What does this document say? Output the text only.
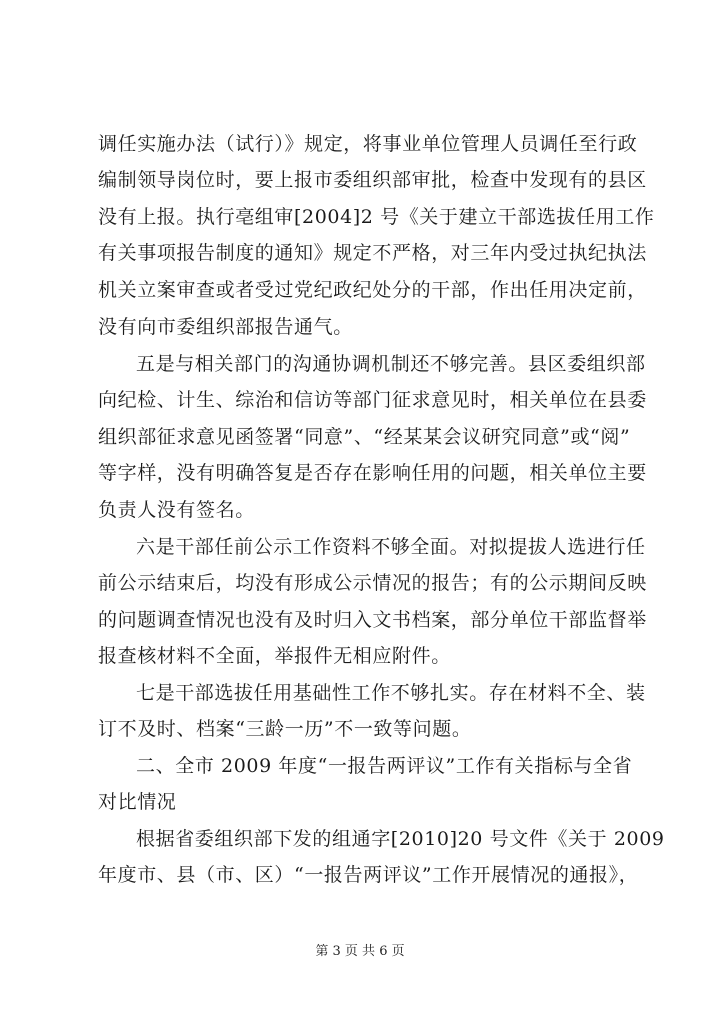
调任实施办法（试行）》规定，将事业单位管理人员调任至行政
编制领导岗位时，要上报市委组织部审批，检查中发现有的县区
没有上报。执行亳组审[2004]2 号《关于建立干部选拔任用工作
有关事项报告制度的通知》规定不严格，对三年内受过执纪执法
机关立案审查或者受过党纪政纪处分的干部，作出任用决定前，
没有向市委组织部报告通气。
五是与相关部门的沟通协调机制还不够完善。县区委组织部
向纪检、计生、综治和信访等部门征求意见时，相关单位在县委
组织部征求意见函签署“同意”、“经某某会议研究同意”或“阅”
等字样，没有明确答复是否存在影响任用的问题，相关单位主要
负责人没有签名。
六是干部任前公示工作资料不够全面。对拟提拔人选进行任
前公示结束后，均没有形成公示情况的报告；有的公示期间反映
的问题调查情况也没有及时归入文书档案，部分单位干部监督举
报查核材料不全面，举报件无相应附件。
七是干部选拔任用基础性工作不够扎实。存在材料不全、装
订不及时、档案“三龄一历”不一致等问题。
二、全市 2009 年度“一报告两评议”工作有关指标与全省
对比情况
根据省委组织部下发的组通字[2010]20 号文件《关于 2009
年度市、县（市、区）“一报告两评议”工作开展情况的通报》，
第 3 页 共 6 页
